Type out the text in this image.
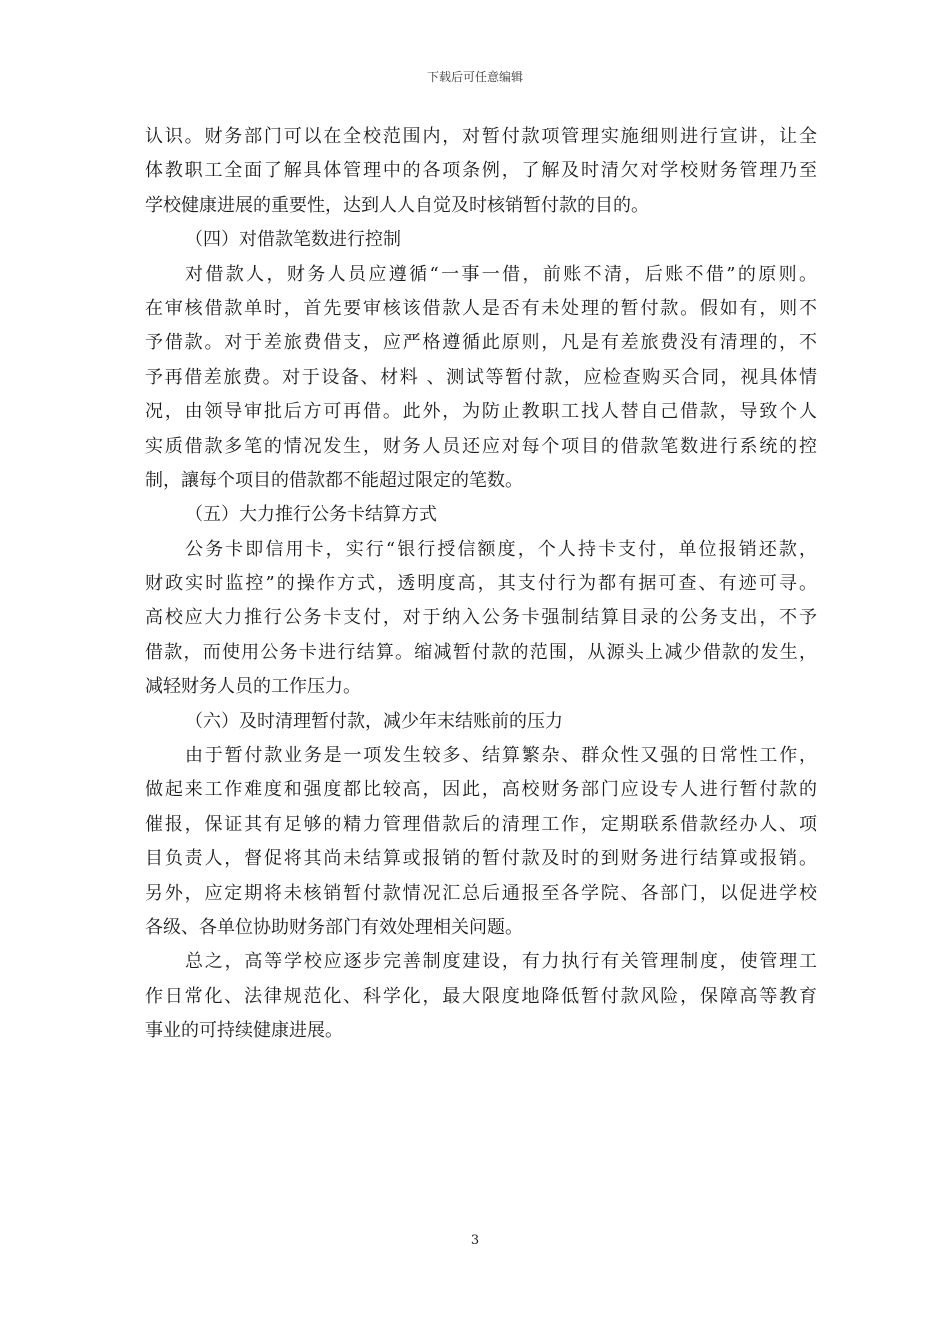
下载后可任意编辑
认识。财务部门可以在全校范围内，对暂付款项管理实施细则进行宣讲，让全
体教职工全面了解具体管理中的各项条例，了解及时清欠对学校财务管理乃至
学校健康进展的重要性，达到人人自觉及时核销暂付款的目的。
（四）对借款笔数进行控制
对借款人，财务人员应遵循“一事一借，前账不清，后账不借”的原则。
在审核借款单时，首先要审核该借款人是否有未处理的暂付款。假如有，则不
予借款。对于差旅费借支，应严格遵循此原则，凡是有差旅费没有清理的，不
予再借差旅费。对于设备、材料 、测试等暂付款，应检查购买合同，视具体情
况，由领导审批后方可再借。此外，为防止教职工找人替自己借款，导致个人
实质借款多笔的情况发生，财务人员还应对每个项目的借款笔数进行系统的控
制，讓每个项目的借款都不能超过限定的笔数。
（五）大力推行公务卡结算方式
公务卡即信用卡，实行“银行授信额度，个人持卡支付，单位报销还款，
财政实时监控”的操作方式，透明度高，其支付行为都有据可查、有迹可寻。
高校应大力推行公务卡支付，对于纳入公务卡强制结算目录的公务支出，不予
借款，而使用公务卡进行结算。缩减暂付款的范围，从源头上减少借款的发生，
减轻财务人员的工作压力。
（六）及时清理暂付款，减少年末结账前的压力
由于暂付款业务是一项发生较多、结算繁杂、群众性又强的日常性工作，
做起来工作难度和强度都比较高，因此，高校财务部门应设专人进行暂付款的
催报，保证其有足够的精力管理借款后的清理工作，定期联系借款经办人、项
目负责人，督促将其尚未结算或报销的暂付款及时的到财务进行结算或报销。
另外，应定期将未核销暂付款情况汇总后通报至各学院、各部门，以促进学校
各级、各单位协助财务部门有效处理相关问题。
总之，高等学校应逐步完善制度建设，有力执行有关管理制度，使管理工
作日常化、法律规范化、科学化，最大限度地降低暂付款风险，保障高等教育
事业的可持续健康进展。
3
